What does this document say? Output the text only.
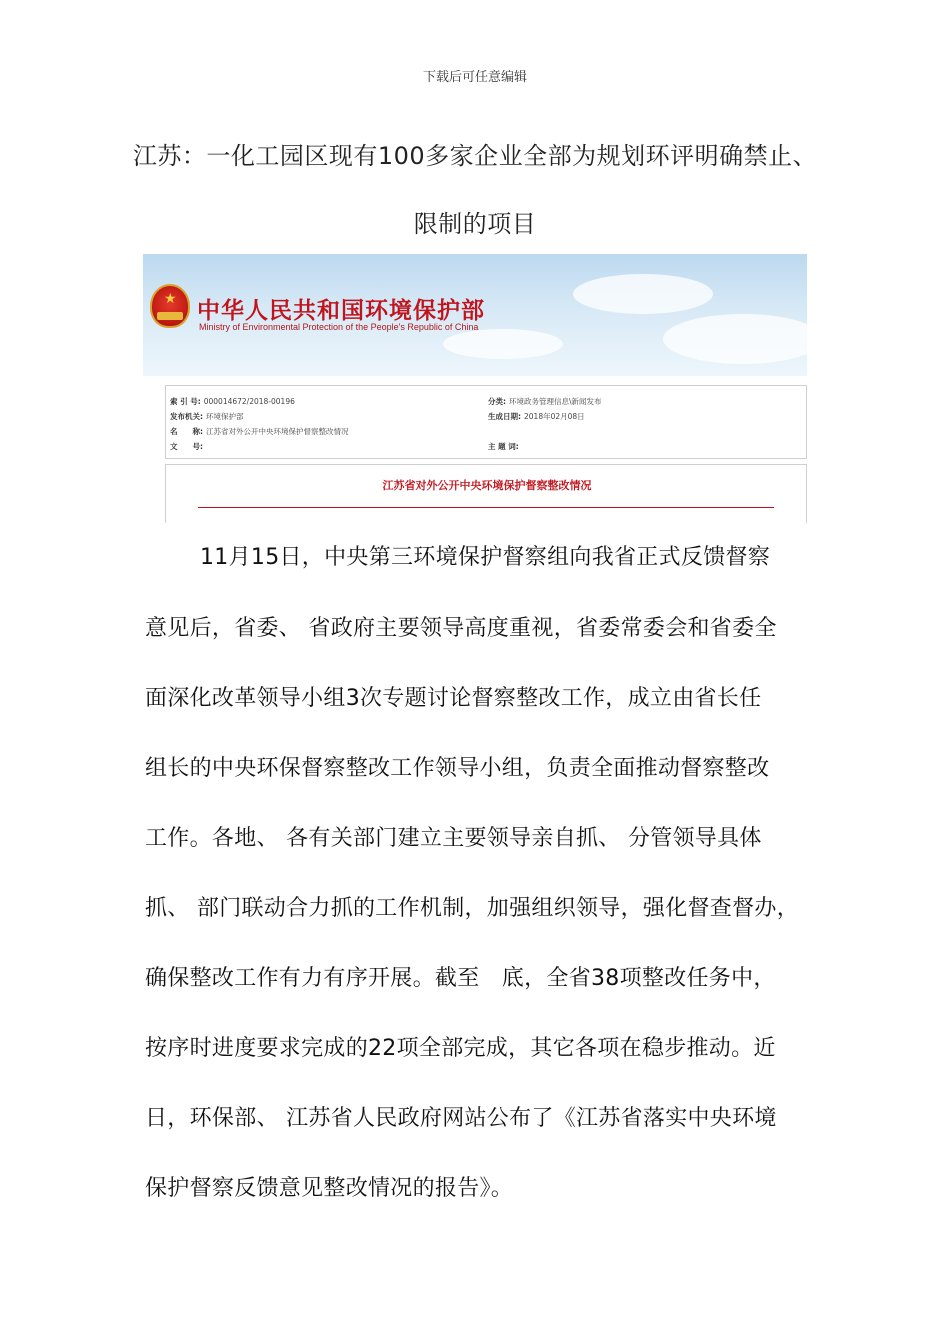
下载后可任意编辑
江苏：一化工园区现有100多家企业全部为规划环评明确禁止、
限制的项目
★ 中华人民共和国环境保护部
Ministry of Environmental Protection of the People's Republic of China
索 引 号: 000014672/2018-00196	分类: 环境政务管理信息\新闻发布
发布机关: 环境保护部	生成日期: 2018年02月08日
名　　称: 江苏省对外公开中央环境保护督察整改情况
文　　号:	主 题 词:
江苏省对外公开中央环境保护督察整改情况
11月15日，中央第三环境保护督察组向我省正式反馈督察
意见后，省委、 省政府主要领导高度重视，省委常委会和省委全
面深化改革领导小组3次专题讨论督察整改工作，成立由省长任
组长的中央环保督察整改工作领导小组，负责全面推动督察整改
工作。各地、 各有关部门建立主要领导亲自抓、 分管领导具体
抓、 部门联动合力抓的工作机制，加强组织领导，强化督查督办，
确保整改工作有力有序开展。截至　底，全省38项整改任务中，
按序时进度要求完成的22项全部完成，其它各项在稳步推动。近
日，环保部、 江苏省人民政府网站公布了《江苏省落实中央环境
保护督察反馈意见整改情况的报告》。
